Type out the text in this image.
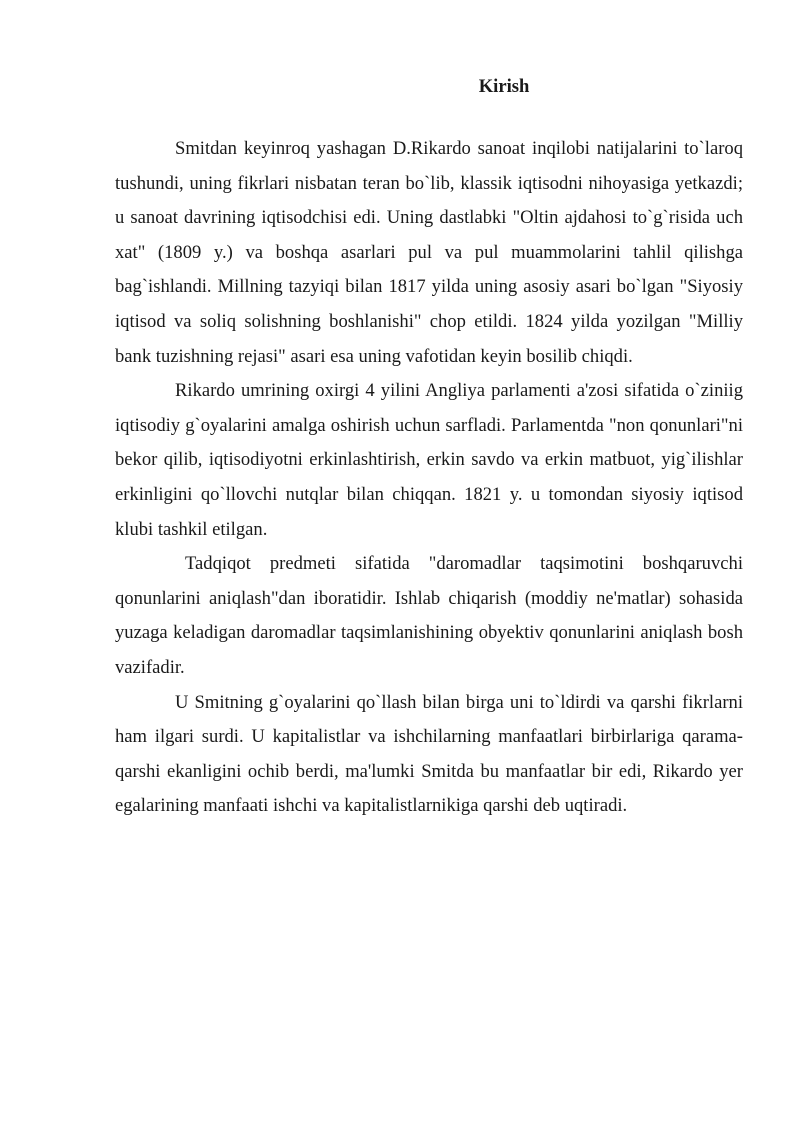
Kirish

Smitdan keyinroq yashagan D.Rikardo sanoat inqilobi natijalarini to`laroq tushundi, uning fikrlari nisbatan teran bo`lib, klassik iqtisodni nihoyasiga yetkazdi; u sanoat davrining iqtisodchisi edi. Uning dastlabki "Oltin ajdahosi to`g`risida uch xat" (1809 y.) va boshqa asarlari pul va pul muammolarini tahlil qilishga bag`ishlandi. Millning tazyiqi bilan 1817 yilda uning asosiy asari bo`lgan "Siyosiy iqtisod va soliq solishning boshlanishi" chop etildi. 1824 yilda yozilgan "Milliy bank tuzishning rejasi" asari esa uning vafotidan keyin bosilib chiqdi.

Rikardo umrining oxirgi 4 yilini Angliya parlamenti a'zosi sifatida o`ziniig iqtisodiy g`oyalarini amalga oshirish uchun sarfladi. Parlamentda "non qonunlari"ni bekor qilib, iqtisodiyotni erkinlashtirish, erkin savdo va erkin matbuot, yig`ilishlar erkinligini qo`llovchi nutqlar bilan chiqqan. 1821 y. u tomondan siyosiy iqtisod klubi tashkil etilgan.

Tadqiqot predmeti sifatida "daromadlar taqsimotini boshqaruvchi qonunlarini aniqlash"dan iboratidir. Ishlab chiqarish (moddiy ne'matlar) sohasida yuzaga keladigan daromadlar taqsimlanishining obyektiv qonunlarini aniqlash bosh vazifadir.

U Smitning g`oyalarini qo`llash bilan birga uni to`ldirdi va qarshi fikrlarni ham ilgari surdi. U kapitalistlar va ishchilarning manfaatlari birbirlariga qarama-qarshi ekanligini ochib berdi, ma'lumki Smitda bu manfaatlar bir edi, Rikardo yer egalarining manfaati ishchi va kapitalistlarnikiga qarshi deb uqtiradi.
